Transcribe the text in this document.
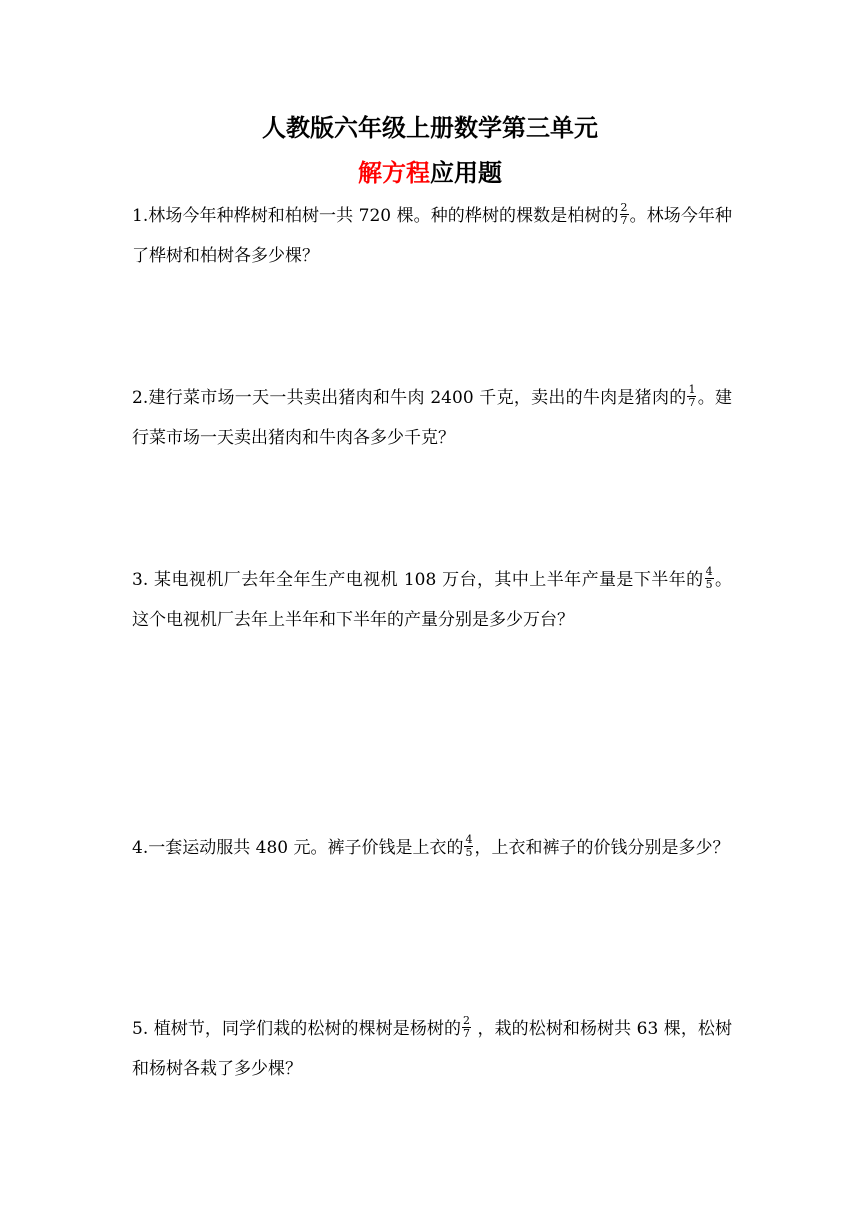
人教版六年级上册数学第三单元
解方程应用题
1.林场今年种桦树和柏树一共 720 棵。种的桦树的棵数是柏树的 $\frac{2}{7}$ 。林场今年种了桦树和柏树各多少棵？
2.建行菜市场一天一共卖出猪肉和牛肉 2400 千克，卖出的牛肉是猪肉的 $\frac{1}{7}$ 。建行菜市场一天卖出猪肉和牛肉各多少千克？
3. 某电视机厂去年全年生产电视机 108 万台，其中上半年产量是下半年的 $\frac{4}{5}$ 。这个电视机厂去年上半年和下半年的产量分别是多少万台？
4.一套运动服共 480 元。裤子价钱是上衣的 $\frac{4}{5}$ ，上衣和裤子的价钱分别是多少？
5. 植树节，同学们栽的松树的棵树是杨树的 $\frac{2}{7}$ ，栽的松树和杨树共 63 棵，松树和杨树各栽了多少棵？
